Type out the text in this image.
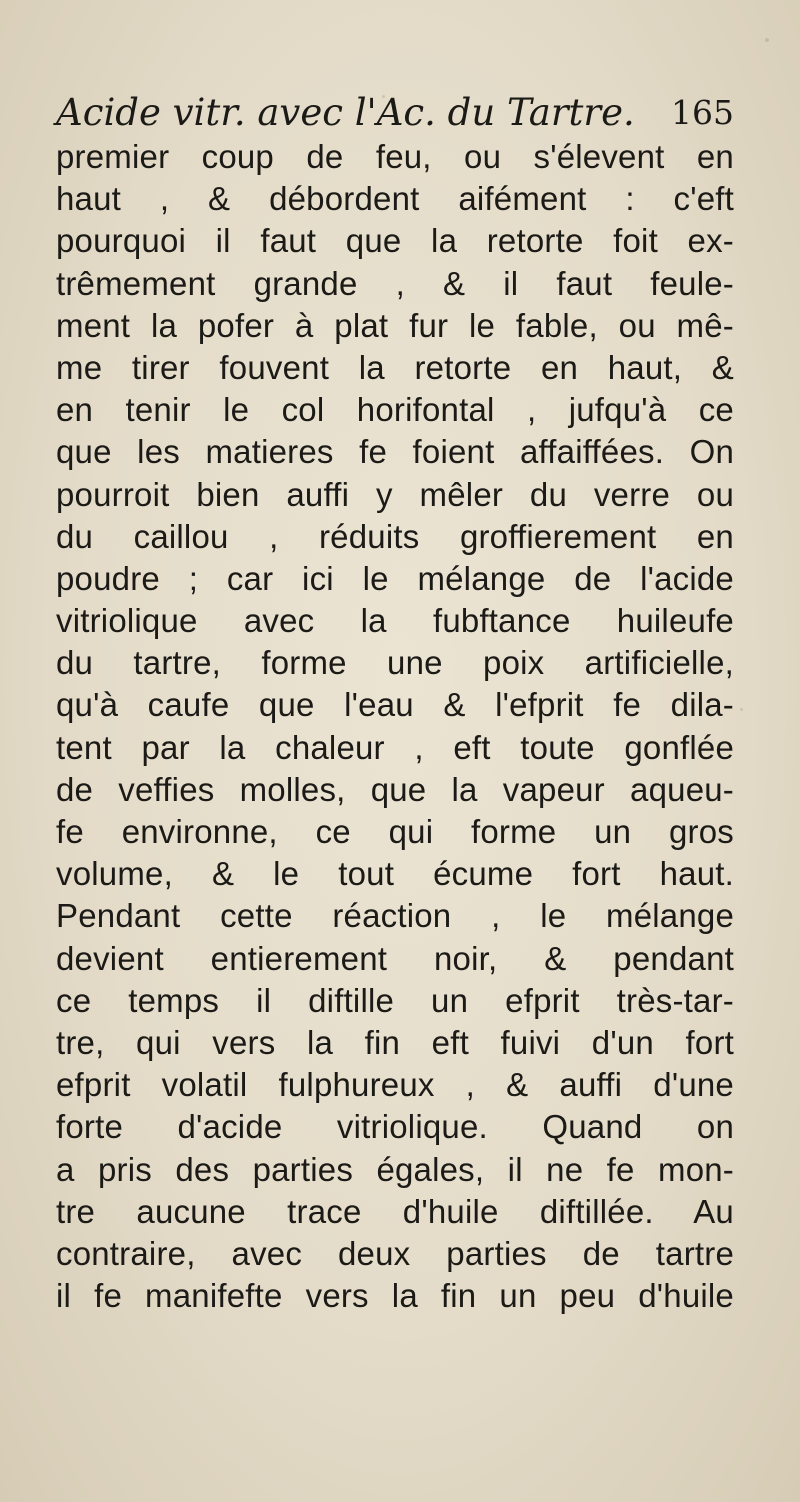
Acide vitr. avec l'Ac. du Tartre. 165
premier coup de feu, ou s'élevent en
haut , & débordent aifément : c'eft
pourquoi il faut que la retorte foit ex-
trêmement grande , & il faut feule-
ment la pofer à plat fur le fable, ou mê-
me tirer fouvent la retorte en haut, &
en tenir le col horifontal , jufqu'à ce
que les matieres fe foient affaiffées. On
pourroit bien auffi y mêler du verre ou
du caillou , réduits groffierement en
poudre ; car ici le mélange de l'acide
vitriolique avec la fubftance huileufe
du tartre, forme une poix artificielle,
qu'à caufe que l'eau & l'efprit fe dila-
tent par la chaleur , eft toute gonflée
de veffies molles, que la vapeur aqueu-
fe environne, ce qui forme un gros
volume, & le tout écume fort haut.
Pendant cette réaction , le mélange
devient entierement noir, & pendant
ce temps il diftille un efprit très-tar-
tre, qui vers la fin eft fuivi d'un fort
efprit volatil fulphureux , & auffi d'une
forte d'acide vitriolique. Quand on
a pris des parties égales, il ne fe mon-
tre aucune trace d'huile diftillée. Au
contraire, avec deux parties de tartre
il fe manifefte vers la fin un peu d'huile
